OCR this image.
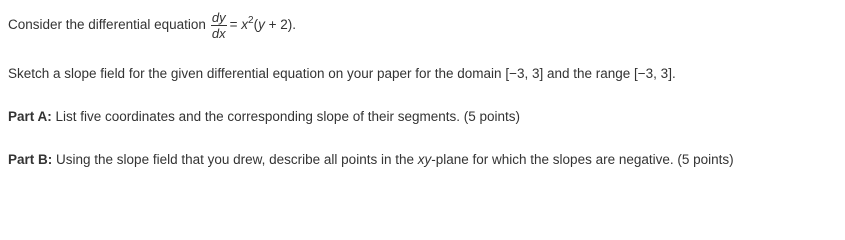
Consider the differential equation $\frac{dy}{dx} = x^2(y + 2)$.
Sketch a slope field for the given differential equation on your paper for the domain [−3, 3] and the range [−3, 3].
Part A: List five coordinates and the corresponding slope of their segments. (5 points)
Part B: Using the slope field that you drew, describe all points in the xy-plane for which the slopes are negative. (5 points)
